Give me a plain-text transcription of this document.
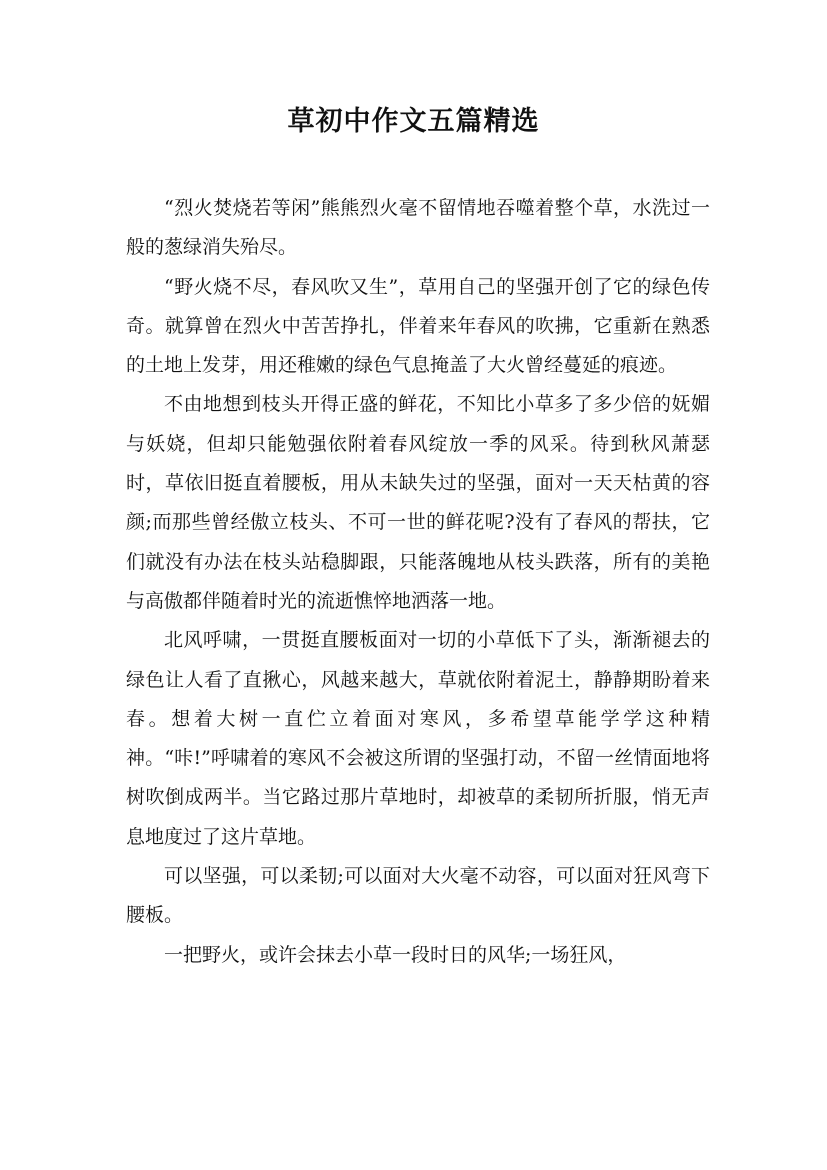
草初中作文五篇精选

“烈火焚烧若等闲”熊熊烈火毫不留情地吞噬着整个草，水洗过一般的葱绿消失殆尽。

“野火烧不尽，春风吹又生”，草用自己的坚强开创了它的绿色传奇。就算曾在烈火中苦苦挣扎，伴着来年春风的吹拂，它重新在熟悉的土地上发芽，用还稚嫩的绿色气息掩盖了大火曾经蔓延的痕迹。

不由地想到枝头开得正盛的鲜花，不知比小草多了多少倍的妩媚与妖娆，但却只能勉强依附着春风绽放一季的风采。待到秋风萧瑟时，草依旧挺直着腰板，用从未缺失过的坚强，面对一天天枯黄的容颜;而那些曾经傲立枝头、不可一世的鲜花呢?没有了春风的帮扶，它们就没有办法在枝头站稳脚跟，只能落魄地从枝头跌落，所有的美艳与高傲都伴随着时光的流逝憔悴地洒落一地。

北风呼啸，一贯挺直腰板面对一切的小草低下了头，渐渐褪去的绿色让人看了直揪心，风越来越大，草就依附着泥土，静静期盼着来春。想着大树一直伫立着面对寒风，多希望草能学学这种精神。“咔!”呼啸着的寒风不会被这所谓的坚强打动，不留一丝情面地将树吹倒成两半。当它路过那片草地时，却被草的柔韧所折服，悄无声息地度过了这片草地。

可以坚强，可以柔韧;可以面对大火毫不动容，可以面对狂风弯下腰板。

一把野火，或许会抹去小草一段时日的风华;一场狂风，
